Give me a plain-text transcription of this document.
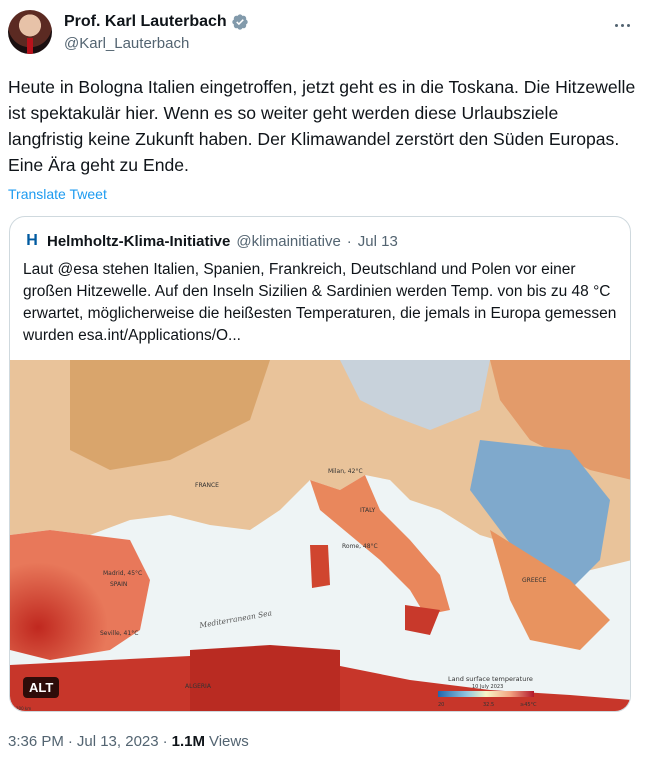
Prof. Karl Lauterbach
@Karl_Lauterbach
Heute in Bologna Italien eingetroffen, jetzt geht es in die Toskana. Die Hitzewelle ist spektakulär hier. Wenn es so weiter geht werden diese Urlaubsziele langfristig keine Zukunft haben. Der Klimawandel zerstört den Süden Europas. Eine Ära geht zu Ende.
Translate Tweet
H Helmholtz-Klima-Initiative @klimainitiative · Jul 13
Laut @esa stehen Italien, Spanien, Frankreich, Deutschland und Polen vor einer großen Hitzewelle. Auf den Inseln Sizilien & Sardinien werden Temp. von bis zu 48 °C erwartet, möglicherweise die heißesten Temperaturen, die jemals in Europa gemessen wurden esa.int/Applications/O...
FRANCE
ITALY
SPAIN
GREECE
ALGERIA
Milan, 42°C
Rome, 48°C
Madrid, 45°C
Seville, 41°C
100 km
Land surface temperature
10 July 2023
20	32.5	≥45°C
Mediterranean Sea
ALT
3:36 PM · Jul 13, 2023 · 1.1M Views
